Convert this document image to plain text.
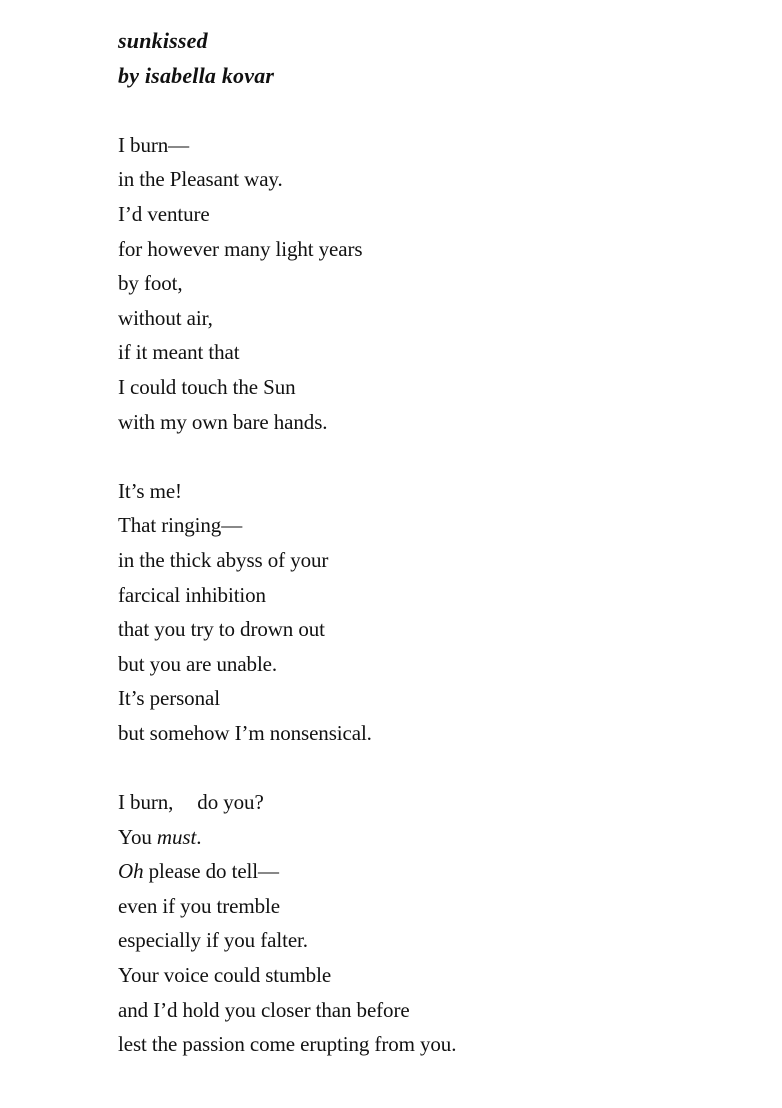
sunkissed
by isabella kovar
I burn—
in the Pleasant way.
I’d venture
for however many light years
by foot,
without air,
if it meant that
I could touch the Sun
with my own bare hands.
It’s me!
That ringing—
in the thick abyss of your
farcical inhibition
that you try to drown out
but you are unable.
It’s personal
but somehow I’m nonsensical.
I burn, do you?
You must.
Oh please do tell—
even if you tremble
especially if you falter.
Your voice could stumble
and I’d hold you closer than before
lest the passion come erupting from you.
